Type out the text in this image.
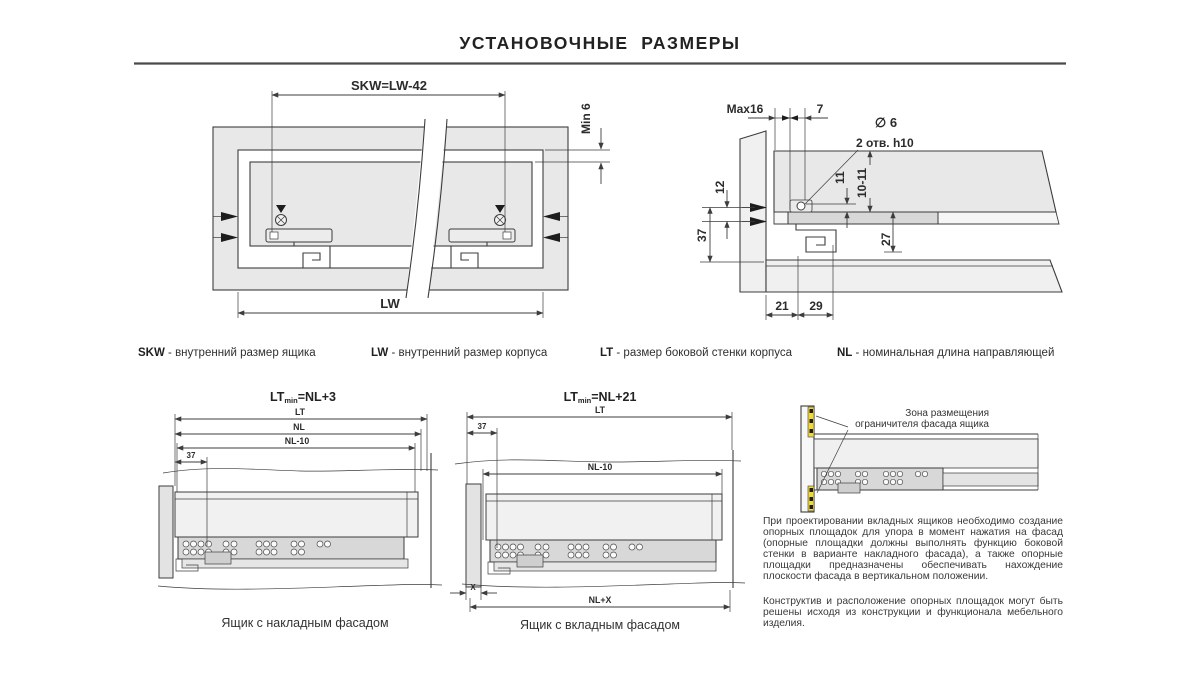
УСТАНОВОЧНЫЕ  РАЗМЕРЫ
SKW=LW-42
Min 6
LW
Max16	7
∅ 6
2 отв. h10
12
37
11 10-11
27
21 29
LT
NL
NL-10
37
LT
37
NL-10
X
NL+X
SKW - внутренний размер ящика	LW - внутренний размер корпуса	LT - размер боковой стенки корпуса	NL - номинальная длина направляющей
$LT_{min}=NL+3$	$LT_{min}=NL+21$
Ящик с накладным фасадом	Ящик с вкладным фасадом
Зона размещения
ограничителя фасада ящика
При проектировании вкладных ящиков необходимо создание опорных площадок для упора в момент нажатия на фасад (опорные площадки должны выполнять функцию боковой стенки в варианте накладного фасада), а также опорные площадки предназначены обеспечивать нахождение плоскости фасада в вертикальном положении.
Конструктив и расположение опорных площадок могут быть решены исходя из конструкции и функционала мебельного изделия.
